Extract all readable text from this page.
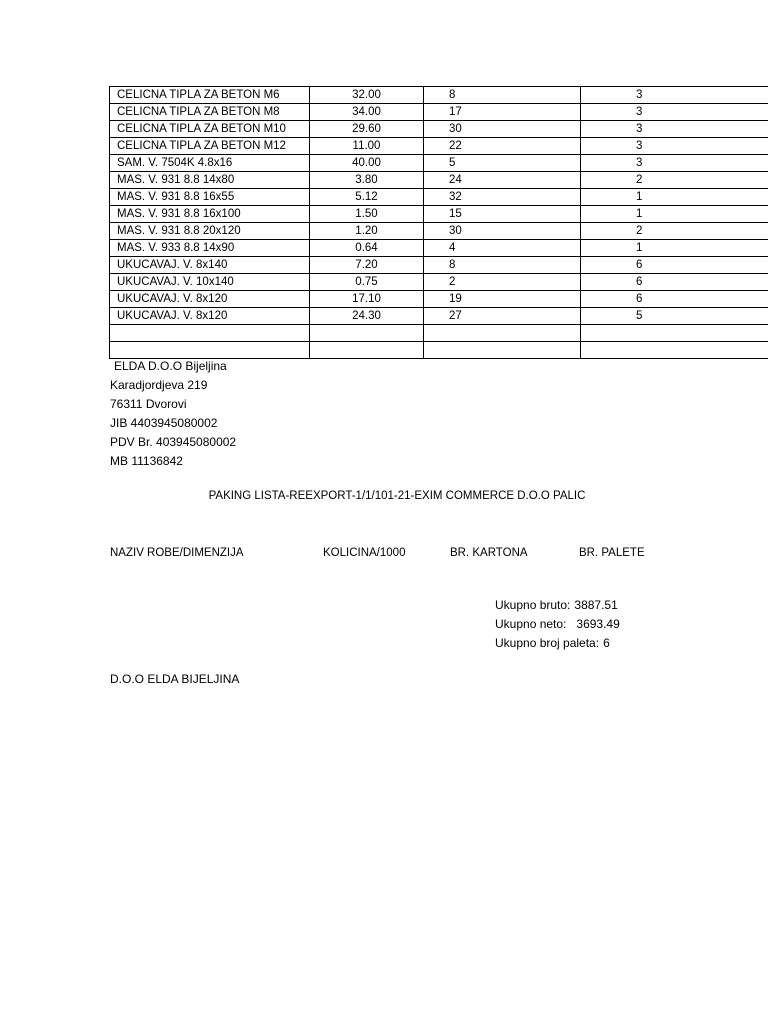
CELICNA TIPLA ZA BETON M6	32.00	8	3
CELICNA TIPLA ZA BETON M8	34.00	17	3
CELICNA TIPLA ZA BETON M10	29.60	30	3
CELICNA TIPLA ZA BETON M12	11.00	22	3
SAM. V. 7504K 4.8x16	40.00	5	3
MAS. V. 931 8.8 14x80	3.80	24	2
MAS. V. 931 8.8 16x55	5.12	32	1
MAS. V. 931 8.8 16x100	1.50	15	1
MAS. V. 931 8.8 20x120	1.20	30	2
MAS. V. 933 8.8 14x90	0.64	4	1
UKUCAVAJ. V. 8x140	7.20	8	6
UKUCAVAJ. V. 10x140	0.75	2	6
UKUCAVAJ. V. 8x120	17.10	19	6
UKUCAVAJ. V. 8x120	24.30	27	5

ELDA D.O.O Bijeljina
Karadjordjeva 219
76311 Dvorovi
JIB 4403945080002
PDV Br. 403945080002
MB 11136842
PAKING LISTA-REEXPORT-1/1/101-21-EXIM COMMERCE D.O.O PALIC
NAZIV ROBE/DIMENZIJA	KOLICINA/1000	BR. KARTONA	BR. PALETE
Ukupno bruto: 3887.51
Ukupno neto: 3693.49
Ukupno broj paleta: 6
D.O.O ELDA BIJELJINA
